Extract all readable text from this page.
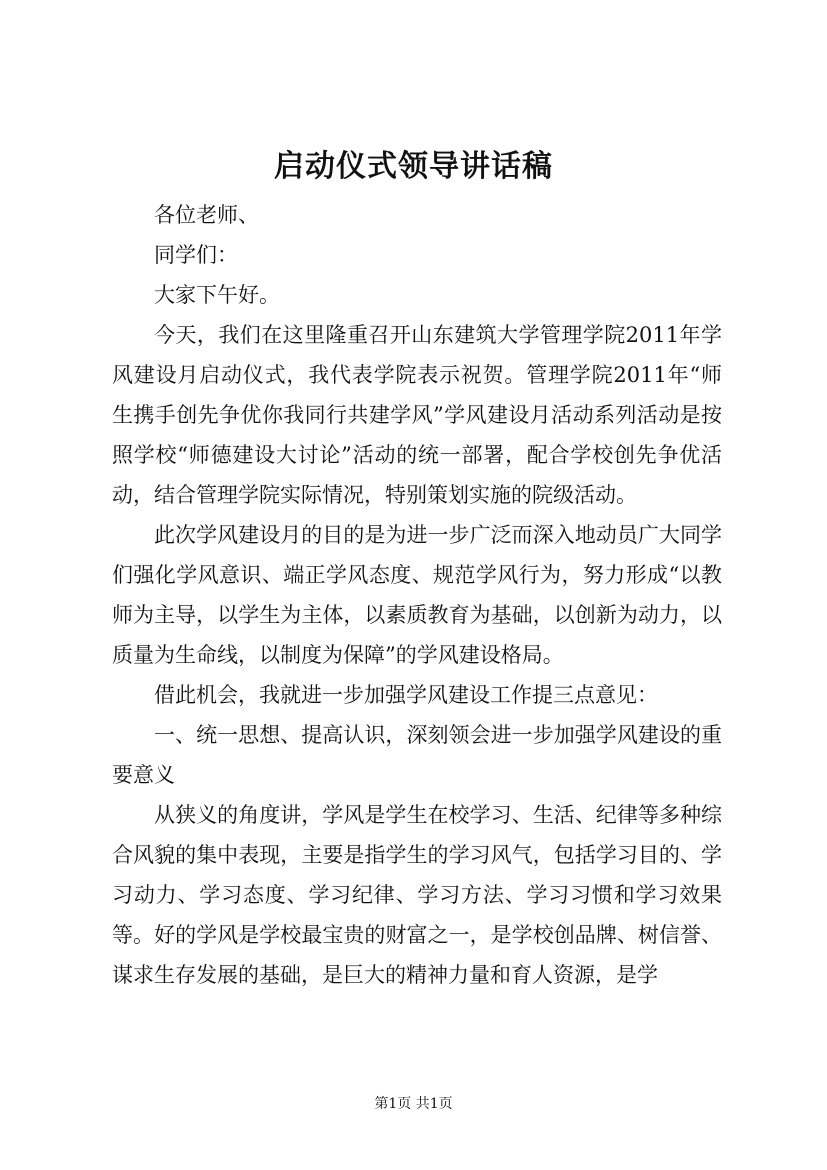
启动仪式领导讲话稿

各位老师、

同学们：

大家下午好。

今天，我们在这里隆重召开山东建筑大学管理学院2011年学风建设月启动仪式，我代表学院表示祝贺。管理学院2011年“师生携手创先争优你我同行共建学风”学风建设月活动系列活动是按照学校“师德建设大讨论”活动的统一部署，配合学校创先争优活动，结合管理学院实际情况，特别策划实施的院级活动。

此次学风建设月的目的是为进一步广泛而深入地动员广大同学们强化学风意识、端正学风态度、规范学风行为，努力形成“以教师为主导，以学生为主体，以素质教育为基础，以创新为动力，以质量为生命线，以制度为保障”的学风建设格局。

借此机会，我就进一步加强学风建设工作提三点意见：

一、统一思想、提高认识，深刻领会进一步加强学风建设的重要意义

从狭义的角度讲，学风是学生在校学习、生活、纪律等多种综合风貌的集中表现，主要是指学生的学习风气，包括学习目的、学习动力、学习态度、学习纪律、学习方法、学习习惯和学习效果等。好的学风是学校最宝贵的财富之一，是学校创品牌、树信誉、谋求生存发展的基础，是巨大的精神力量和育人资源，是学

第1页 共1页
